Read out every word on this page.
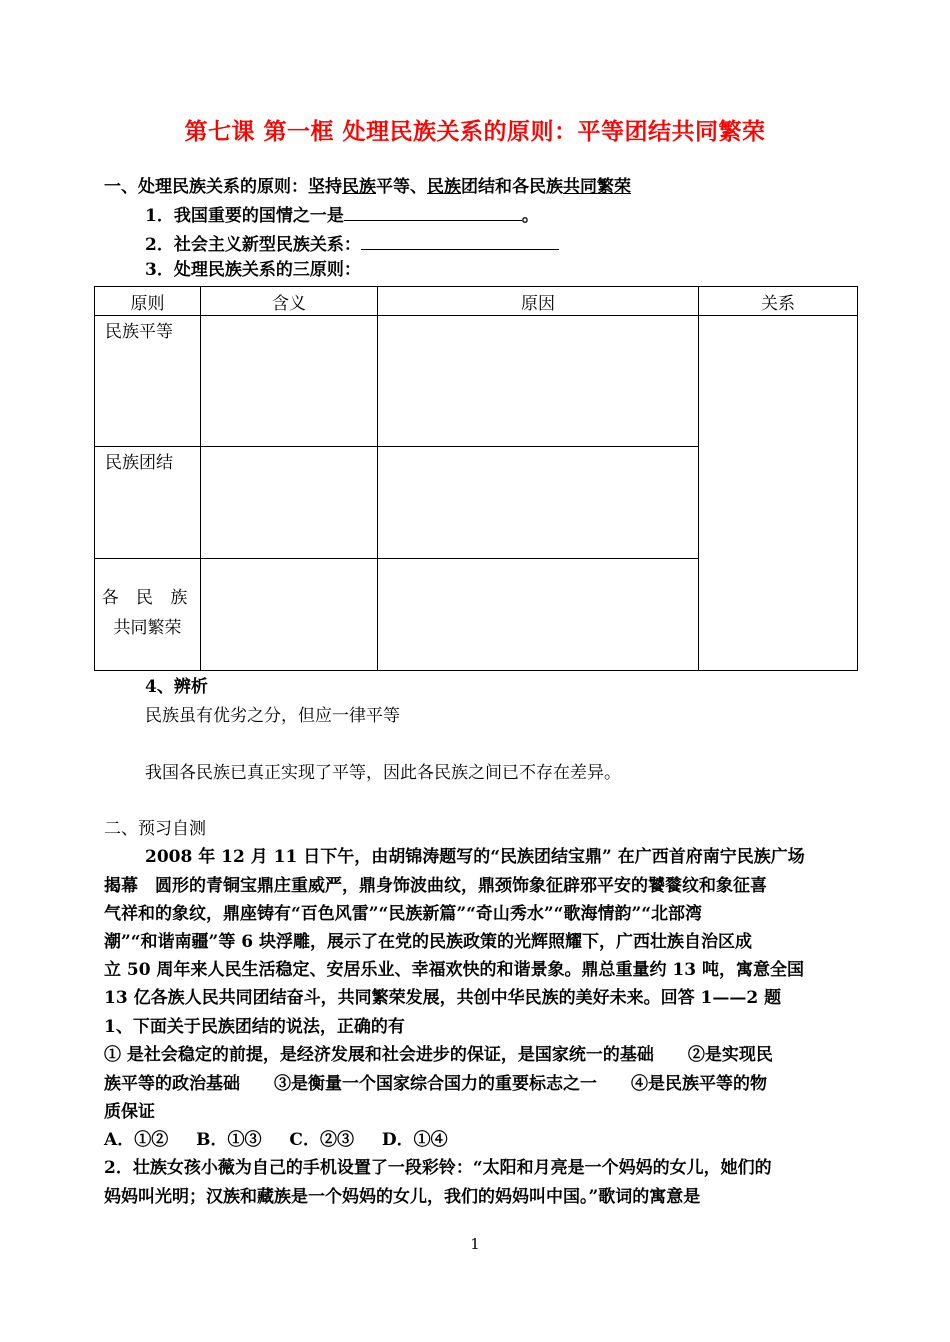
第七课 第一框 处理民族关系的原则：平等团结共同繁荣
一、处理民族关系的原则：坚持民族平等、民族团结和各民族共同繁荣
1．我国重要的国情之一是	。
2．社会主义新型民族关系：
3．处理民族关系的三原则：
原则	含义	原因	关系

民族平等			

民族团结			

各 民 族
共同繁荣			

4、辨析
民族虽有优劣之分，但应一律平等
我国各民族已真正实现了平等，因此各民族之间已不存在差异。
二、预习自测
2008 年 12 月 11 日下午，由胡锦涛题写的“民族团结宝鼎” 在广西首府南宁民族广场
揭幕　圆形的青铜宝鼎庄重威严，鼎身饰波曲纹，鼎颈饰象征辟邪平安的饕餮纹和象征喜
气祥和的象纹，鼎座铸有“百色风雷”“民族新篇”“奇山秀水”“歌海情韵”“北部湾
潮”“和谐南疆”等 6 块浮雕，展示了在党的民族政策的光辉照耀下，广西壮族自治区成
立 50 周年来人民生活稳定、安居乐业、幸福欢快的和谐景象。鼎总重量约 13 吨，寓意全国
13 亿各族人民共同团结奋斗，共同繁荣发展，共创中华民族的美好未来。回答 1——2 题
1、下面关于民族团结的说法，正确的有
① 是社会稳定的前提，是经济发展和社会进步的保证，是国家统一的基础　　②是实现民
族平等的政治基础　　③是衡量一个国家综合国力的重要标志之一　　④是民族平等的物
质保证
A．①② B．①③ C．②③ D．①④
2．壮族女孩小薇为自己的手机设置了一段彩铃：“太阳和月亮是一个妈妈的女儿，她们的
妈妈叫光明；汉族和藏族是一个妈妈的女儿，我们的妈妈叫中国。”歌词的寓意是
1
